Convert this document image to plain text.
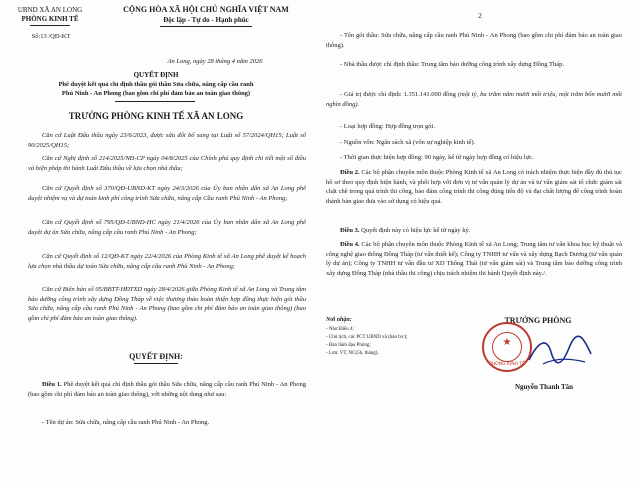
UBND XÃ AN LONG
PHÒNG KINH TẾ
CỘNG HÒA XÃ HỘI CHỦ NGHĨA VIỆT NAM
Độc lập - Tự do - Hạnh phúc
Số:13 /QĐ-KT
An Long, ngày 28 tháng 4 năm 2026
QUYẾT ĐỊNH
Phê duyệt kết quả chỉ định thầu gói thầu Sửa chữa, nâng cấp cầu ranh
Phú Ninh - An Phong (bao gồm chi phí đảm bảo an toàn giao thông)
TRƯỞNG PHÒNG KINH TẾ XÃ AN LONG
Căn cứ Luật Đấu thầu ngày 23/6/2023, được sửa đổi bổ sung tại Luật số 57/2024/QH15; Luật số 90/2025/QH15;
Căn cứ Nghị định số 214/2025/NĐ-CP ngày 04/8/2025 của Chính phủ quy định chi tiết một số điều và biện pháp thi hành Luật Đấu thầu về lựa chọn nhà thầu;
Căn cứ Quyết định số 370/QĐ-UBND-KT ngày 24/3/2026 của Ủy ban nhân dân xã An Long phê duyệt nhiệm vụ và dự toán kinh phí công trình Sửa chữa, nâng cấp Cầu ranh Phú Ninh - An Phong;
Căn cứ Quyết định số 795/QĐ-UBND-HC ngày 21/4/2026 của Ủy ban nhân dân xã An Long phê duyệt dự án Sửa chữa, nâng cấp cầu ranh Phú Ninh - An Phong;
Căn cứ Quyết định số 12/QĐ-KT ngày 22/4/2026 của Phòng Kinh tế xã An Long phê duyệt kế hoạch lựa chọn nhà thầu dự toán Sửa chữa, nâng cấp cầu ranh Phú Ninh - An Phong;
Căn cứ Biên bản số 05/BBTT-HĐTXD ngày 28/4/2026 giữa Phòng Kinh tế xã An Long và Trung tâm bảo dưỡng công trình xây dựng Đồng Tháp về việc thương thảo hoàn thiện hợp đồng thực hiện gói thầu Sửa chữa, nâng cấp cầu ranh Phú Ninh - An Phong (bao gồm chi phí đảm bảo an toàn giao thông) (bao gồm chi phí đảm bảo an toàn giao thông).
QUYẾT ĐỊNH:
Điều 1. Phê duyệt kết quả chỉ định thầu gói thầu Sửa chữa, nâng cấp cầu ranh Phú Ninh - An Phong (bao gồm chi phí đảm bảo an toàn giao thông), với những nội dung như sau:
- Tên dự án: Sửa chữa, nâng cấp cầu ranh Phú Ninh - An Phong.
2
- Tên gói thầu: Sửa chữa, nâng cấp cầu ranh Phú Ninh - An Phong (bao gồm chi phí đảm bảo an toàn giao thông).
- Nhà thầu được chỉ định thầu: Trung tâm bảo dưỡng công trình xây dựng Đồng Tháp.
- Giá trị được chỉ định: 1.351.141.000 đồng (một tỷ, ba trăm năm mươi mốt triệu, một trăm bốn mươi mốt nghìn đồng).
- Loại hợp đồng: Hợp đồng trọn gói.
- Nguồn vốn: Ngân sách xã (vốn sự nghiệp kinh tế).
- Thời gian thực hiện hợp đồng: 90 ngày, kể từ ngày hợp đồng có hiệu lực.
Điều 2. Các bộ phận chuyên môn thuộc Phòng Kinh tế xã An Long có trách nhiệm thực hiện đầy đủ thủ tục hồ sơ theo quy định hiện hành, và phối hợp với đơn vị tư vấn quản lý dự án và tư vấn giám sát tổ chức giám sát chặt chẽ trong quá trình thi công, bảo đảm công trình thi công đúng tiến độ và đạt chất lượng để công trình hoàn thành bàn giao đưa vào sử dụng có hiệu quả.
Điều 3. Quyết định này có hiệu lực kể từ ngày ký.
Điều 4. Các bộ phận chuyên môn thuộc Phòng Kinh tế xã An Long; Trung tâm tư vấn khoa học kỹ thuật và công nghệ giao thông Đồng Tháp (tư vấn thiết kế); Công ty TNHH tư vấn và xây dựng Bạch Dương (tư vấn quản lý dự án); Công ty TNHH tư vấn đầu tư XD Thông Thái (tư vấn giám sát) và Trung tâm bảo dưỡng công trình xây dựng Đồng Tháp (nhà thầu thi công) chịu trách nhiệm thi hành Quyết định này./.
Nơi nhận:
- Như Điều 4;
- Chủ tịch, các PCT UBND xã (báo b/c);
- Ban lãnh đạo Phòng;
- Lưu: VT, NC(5b, tháng).
TRƯỞNG PHÒNG
★
PHÒNG KINH TẾ
Nguyễn Thanh Tân
